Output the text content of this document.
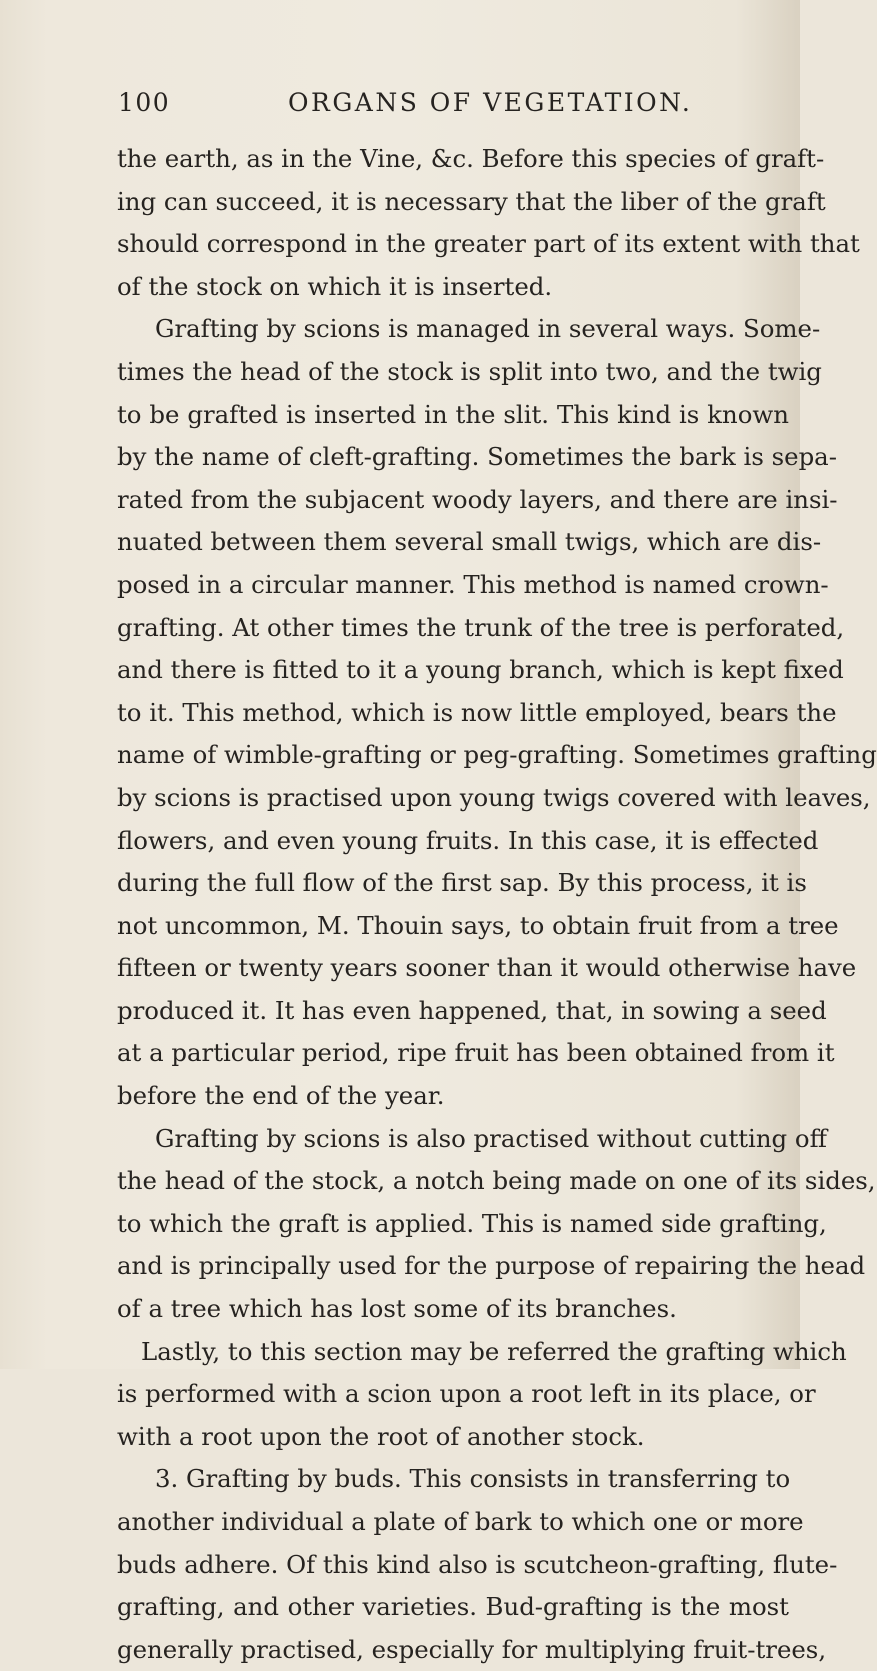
100	ORGANS OF VEGETATION.
the earth, as in the Vine, &c. Before this species of graft-
ing can succeed, it is necessary that the liber of the graft
should correspond in the greater part of its extent with that
of the stock on which it is inserted.
Grafting by scions is managed in several ways. Some-
times the head of the stock is split into two, and the twig
to be grafted is inserted in the slit. This kind is known
by the name of cleft-grafting. Sometimes the bark is sepa-
rated from the subjacent woody layers, and there are insi-
nuated between them several small twigs, which are dis-
posed in a circular manner. This method is named crown-
grafting. At other times the trunk of the tree is perforated,
and there is fitted to it a young branch, which is kept fixed
to it. This method, which is now little employed, bears the
name of wimble-grafting or peg-grafting. Sometimes grafting
by scions is practised upon young twigs covered with leaves,
flowers, and even young fruits. In this case, it is effected
during the full flow of the first sap. By this process, it is
not uncommon, M. Thouin says, to obtain fruit from a tree
fifteen or twenty years sooner than it would otherwise have
produced it. It has even happened, that, in sowing a seed
at a particular period, ripe fruit has been obtained from it
before the end of the year.
Grafting by scions is also practised without cutting off
the head of the stock, a notch being made on one of its sides,
to which the graft is applied. This is named side grafting,
and is principally used for the purpose of repairing the head
of a tree which has lost some of its branches.
Lastly, to this section may be referred the grafting which
is performed with a scion upon a root left in its place, or
with a root upon the root of another stock.
3. Grafting by buds. This consists in transferring to
another individual a plate of bark to which one or more
buds adhere. Of this kind also is scutcheon-grafting, flute-
grafting, and other varieties. Bud-grafting is the most
generally practised, especially for multiplying fruit-trees,
